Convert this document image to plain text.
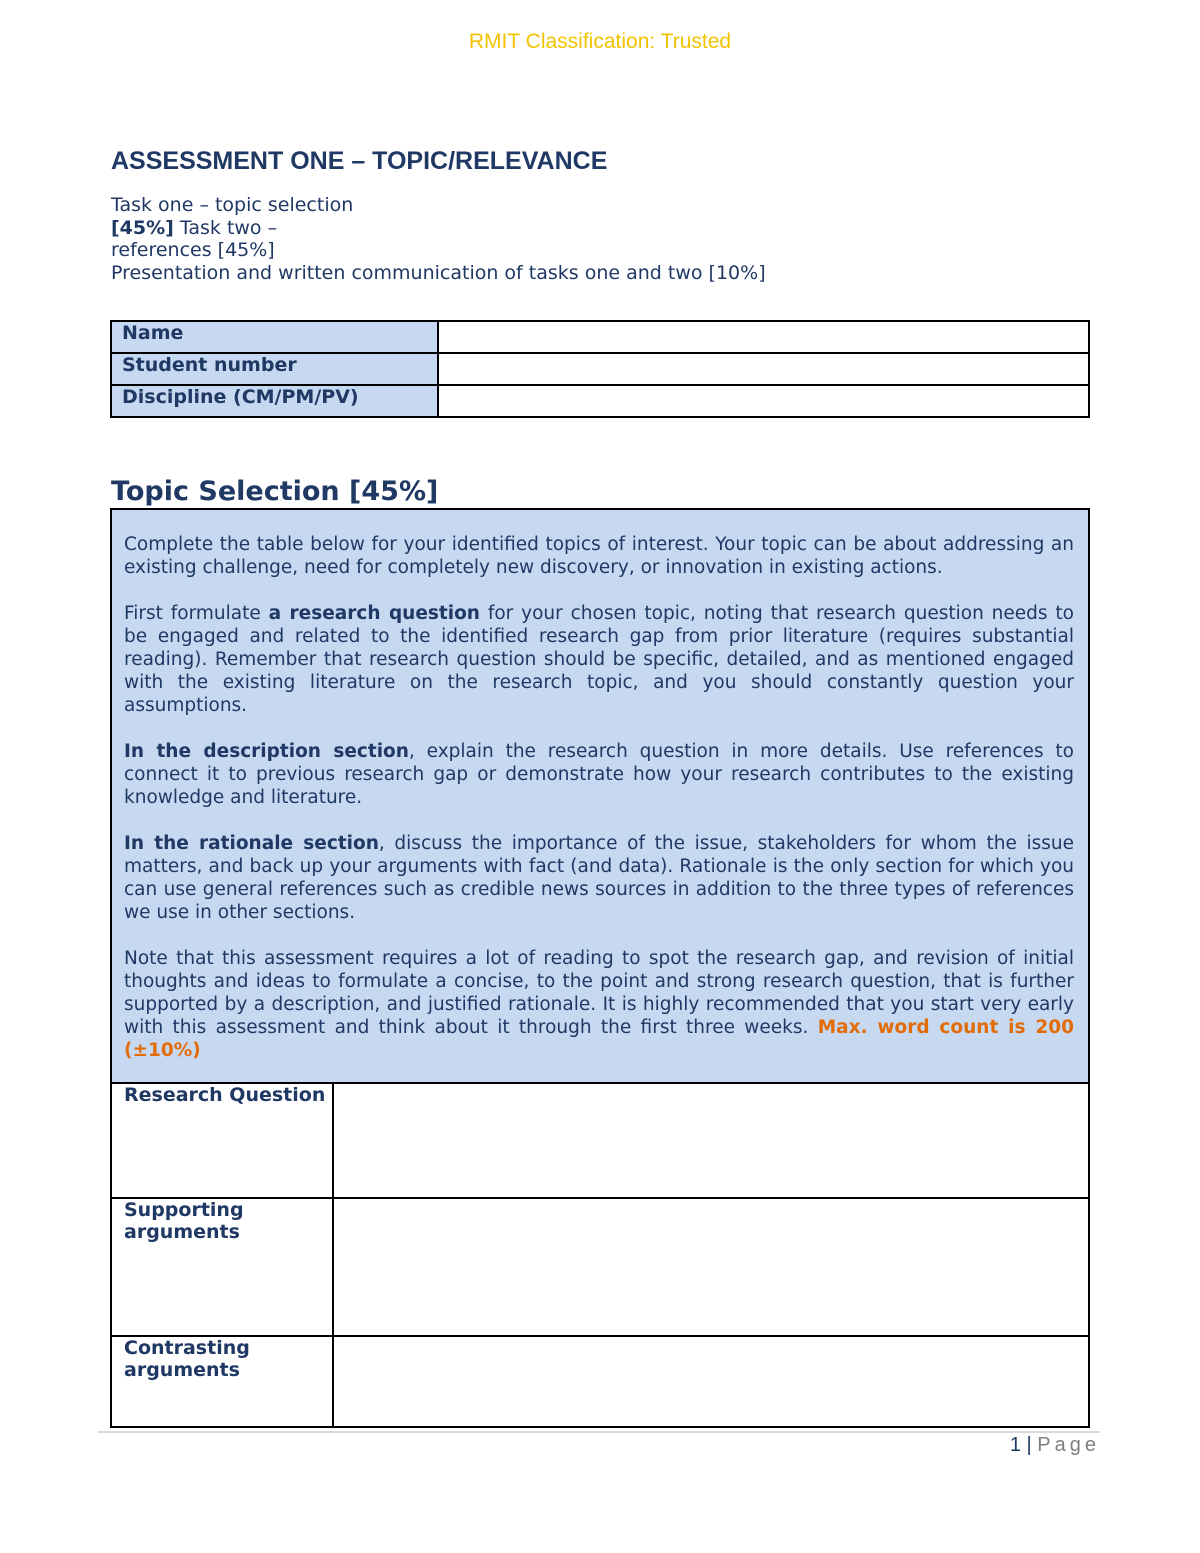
RMIT Classification: Trusted
ASSESSMENT ONE – TOPIC/RELEVANCE
Task one – topic selection
[45%] Task two –
references [45%]
Presentation and written communication of tasks one and two [10%]
Name	
Student number	
Discipline (CM/PM/PV)	
Topic Selection [45%]

Complete the table below for your identified topics of interest. Your topic can be about addressing an existing challenge, need for completely new discovery, or innovation in existing actions.

First formulate a research question for your chosen topic, noting that research question needs to be engaged and related to the identified research gap from prior literature (requires substantial reading). Remember that research question should be specific, detailed, and as mentioned engaged with the existing literature on the research topic, and you should constantly question your assumptions.

In the description section, explain the research question in more details. Use references to connect it to previous research gap or demonstrate how your research contributes to the existing knowledge and literature.

In the rationale section, discuss the importance of the issue, stakeholders for whom the issue matters, and back up your arguments with fact (and data). Rationale is the only section for which you can use general references such as credible news sources in addition to the three types of references we use in other sections.

Note that this assessment requires a lot of reading to spot the research gap, and revision of initial thoughts and ideas to formulate a concise, to the point and strong research question, that is further supported by a description, and justified rationale. It is highly recommended that you start very early with this assessment and think about it through the first three weeks. Max. word count is 200 (±10%)

Research Question
Supporting arguments
Contrasting arguments
1 | Page
